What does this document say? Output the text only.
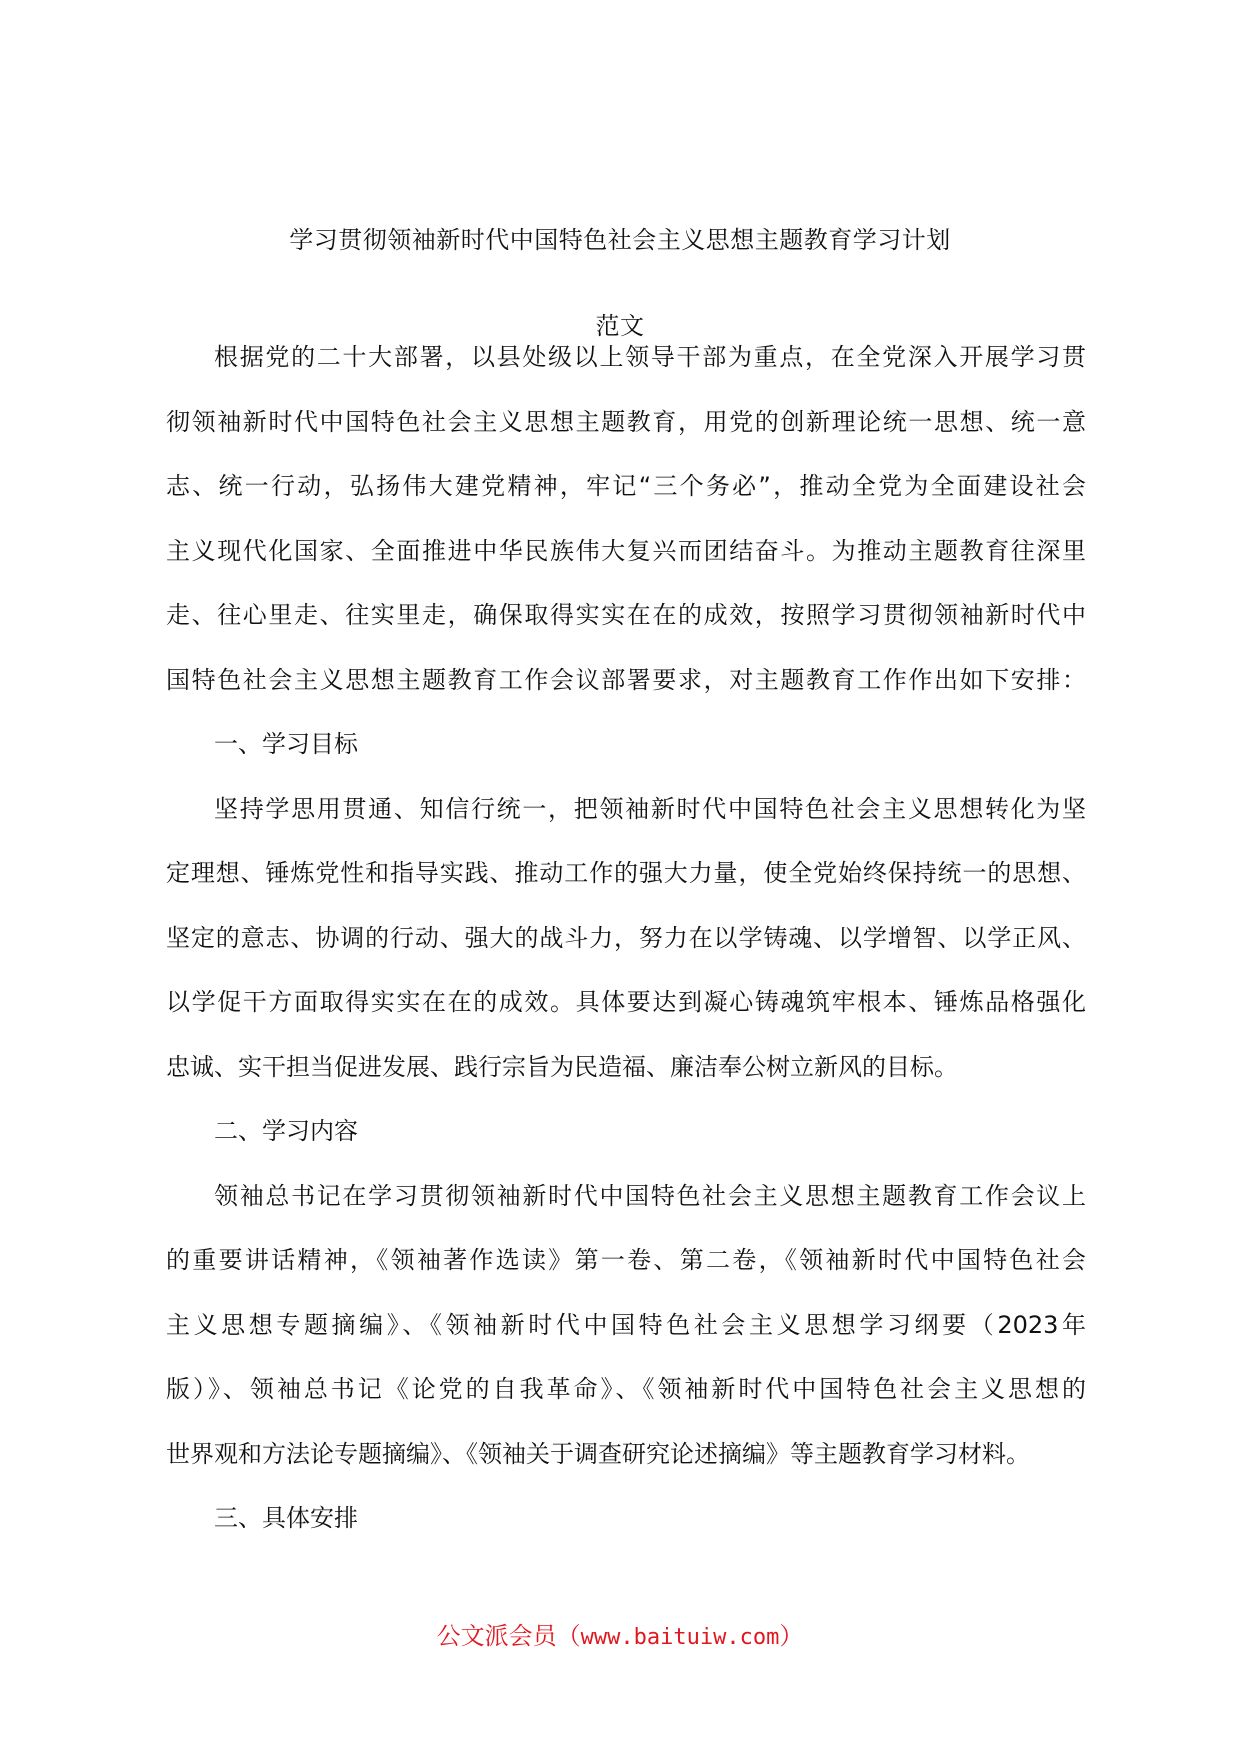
学习贯彻领袖新时代中国特色社会主义思想主题教育学习计划
范文
根据党的二十大部署，以县处级以上领导干部为重点，在全党深入开展学习贯
彻领袖新时代中国特色社会主义思想主题教育，用党的创新理论统一思想、统一意
志、统一行动，弘扬伟大建党精神，牢记“三个务必”，推动全党为全面建设社会
主义现代化国家、全面推进中华民族伟大复兴而团结奋斗。为推动主题教育往深里
走、往心里走、往实里走，确保取得实实在在的成效，按照学习贯彻领袖新时代中
国特色社会主义思想主题教育工作会议部署要求，对主题教育工作作出如下安排：
一、学习目标
坚持学思用贯通、知信行统一，把领袖新时代中国特色社会主义思想转化为坚
定理想、锤炼党性和指导实践、推动工作的强大力量，使全党始终保持统一的思想、
坚定的意志、协调的行动、强大的战斗力，努力在以学铸魂、以学增智、以学正风、
以学促干方面取得实实在在的成效。具体要达到凝心铸魂筑牢根本、锤炼品格强化
忠诚、实干担当促进发展、践行宗旨为民造福、廉洁奉公树立新风的目标。
二、学习内容
领袖总书记在学习贯彻领袖新时代中国特色社会主义思想主题教育工作会议上
的重要讲话精神，《领袖著作选读》第一卷、第二卷，《领袖新时代中国特色社会
主义思想专题摘编》、《领袖新时代中国特色社会主义思想学习纲要（2023年
版）》、领袖总书记《论党的自我革命》、《领袖新时代中国特色社会主义思想的
世界观和方法论专题摘编》、《领袖关于调查研究论述摘编》等主题教育学习材料。
三、具体安排
公文派会员（www.baituiw.com）
